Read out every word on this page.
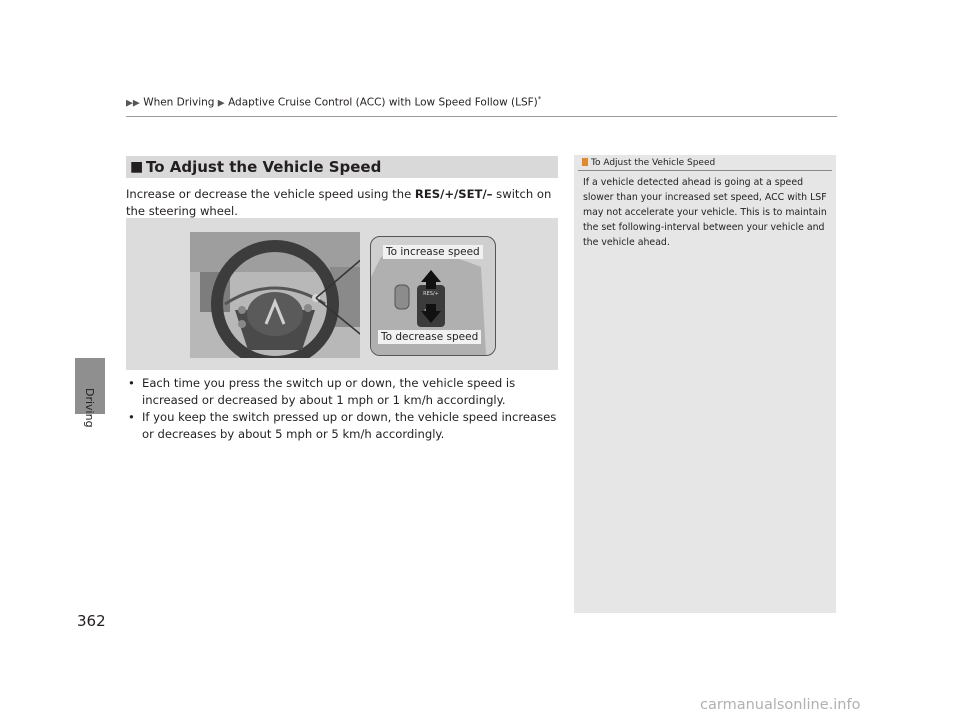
▶▶ When Driving ▶ Adaptive Cruise Control (ACC) with Low Speed Follow (LSF)*
Driving
■ To Adjust the Vehicle Speed
Increase or decrease the vehicle speed using the RES/+/SET/– switch on the steering wheel.
RES/+
To increase speed
To decrease speed
• Each time you press the switch up or down, the vehicle speed is increased or decreased by about 1 mph or 1 km/h accordingly.
• If you keep the switch pressed up or down, the vehicle speed increases or decreases by about 5 mph or 5 km/h accordingly.
To Adjust the Vehicle Speed
If a vehicle detected ahead is going at a speed slower than your increased set speed, ACC with LSF may not accelerate your vehicle. This is to maintain the set following-interval between your vehicle and the vehicle ahead.
362
carmanualsonline.info
